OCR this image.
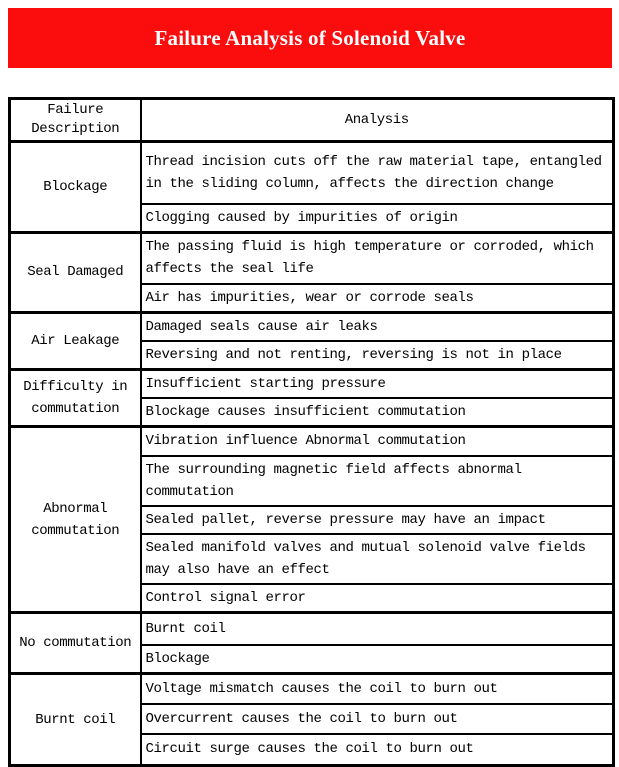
Failure Analysis of Solenoid Valve
Failure Description	Analysis
Blockage	Thread incision cuts off the raw material tape, entangled in the sliding column, affects the direction change
	Clogging caused by impurities of origin
Seal Damaged	The passing fluid is high temperature or corroded, which affects the seal life
	Air has impurities, wear or corrode seals
Air Leakage	Damaged seals cause air leaks
	Reversing and not renting, reversing is not in place
Difficulty in commutation	Insufficient starting pressure
	Blockage causes insufficient commutation
Abnormal commutation	Vibration influence Abnormal commutation
	The surrounding magnetic field affects abnormal commutation
	Sealed pallet, reverse pressure may have an impact
	Sealed manifold valves and mutual solenoid valve fields may also have an effect
	Control signal error
No commutation	Burnt coil
	Blockage
Burnt coil	Voltage mismatch causes the coil to burn out
	Overcurrent causes the coil to burn out
	Circuit surge causes the coil to burn out
